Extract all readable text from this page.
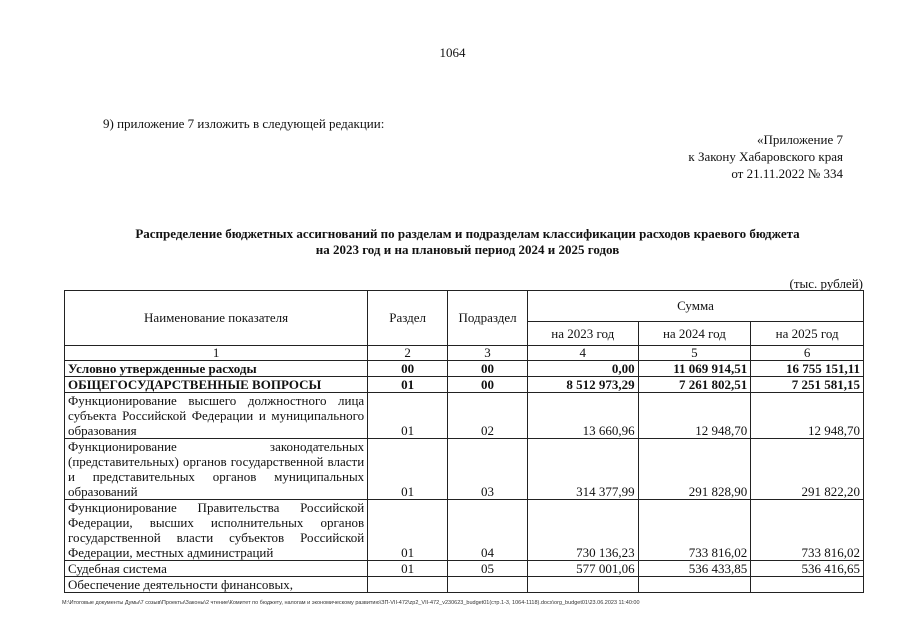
1064
9) приложение 7 изложить в следующей редакции:
«Приложение 7
к Закону Хабаровского края
от 21.11.2022 № 334
Распределение бюджетных ассигнований по разделам и подразделам классификации расходов краевого бюджета
на 2023 год и на плановый период 2024 и 2025 годов
(тыс. рублей)
Наименование показателя	Раздел	Подраздел	Сумма		
			на 2023 год	на 2024 год	на 2025 год
1	2	3	4	5	6
Условно утвержденные расходы	00	00	0,00	11 069 914,51	16 755 151,11
ОБЩЕГОСУДАРСТВЕННЫЕ ВОПРОСЫ	01	00	8 512 973,29	7 261 802,51	7 251 581,15
Функционирование высшего должностного лица субъекта Российской Федерации и муниципального образования	01	02	13 660,96	12 948,70	12 948,70
Функционирование законодательных (представительных) органов государственной власти и представительных органов муниципальных образований	01	03	314 377,99	291 828,90	291 822,20
Функционирование Правительства Российской Федерации, высших исполнительных органов государственной власти субъектов Российской Федерации, местных администраций	01	04	730 136,23	733 816,02	733 816,02
Судебная система	01	05	577 001,06	536 433,85	536 416,65
Обеспечение деятельности финансовых,					
M:\Итоговые документы Думы\7 созыв\Проекты\Законы\2 чтение\Комитет по бюджету, налогам и экономическому развитию\ЗП-VII-472\zp2_VII-472_v230623_budget01(стр.1-3, 1064-1118).docx\org_budget01\23.06.2023 11:40:00
